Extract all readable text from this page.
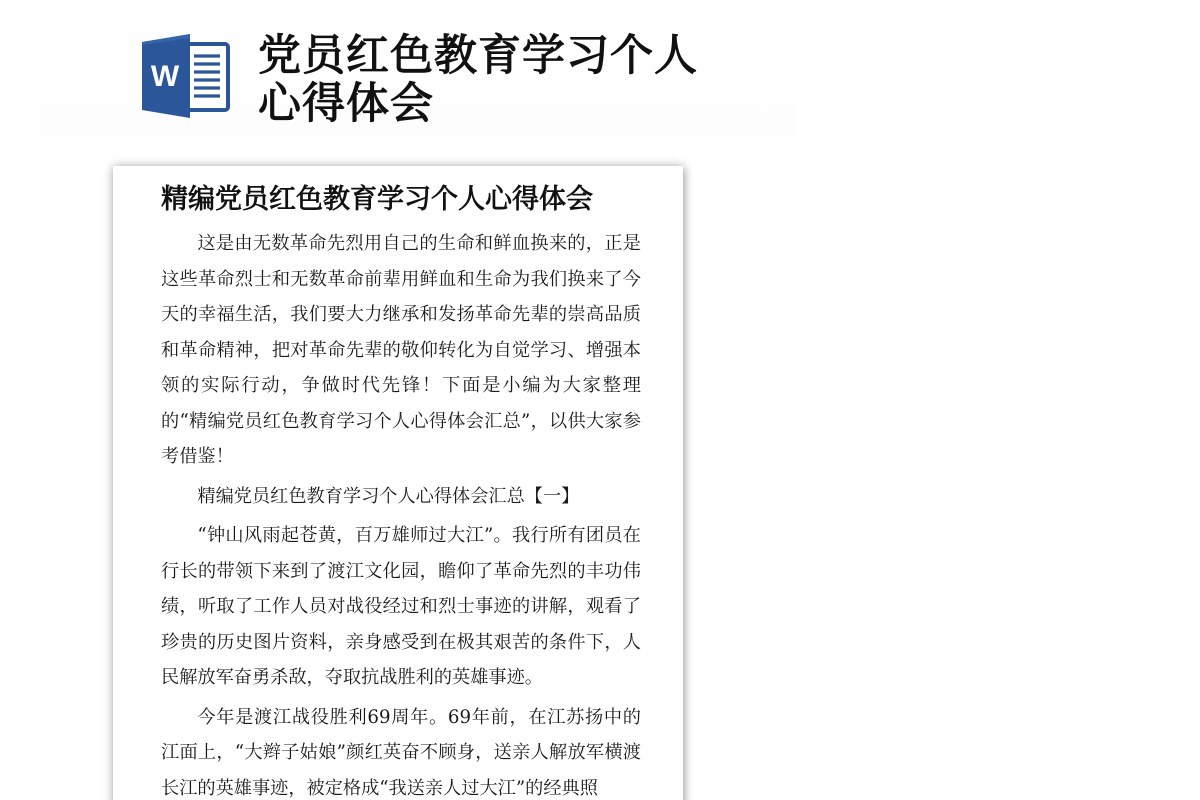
W 党员红色教育学习个人心得体会
精编党员红色教育学习个人心得体会

这是由无数革命先烈用自己的生命和鲜血换来的，正是这些革命烈士和无数革命前辈用鲜血和生命为我们换来了今天的幸福生活，我们要大力继承和发扬革命先辈的崇高品质和革命精神，把对革命先辈的敬仰转化为自觉学习、增强本领的实际行动，争做时代先锋！下面是小编为大家整理的“精编党员红色教育学习个人心得体会汇总”，以供大家参考借鉴！

精编党员红色教育学习个人心得体会汇总【一】

“钟山风雨起苍黄，百万雄师过大江”。我行所有团员在行长的带领下来到了渡江文化园，瞻仰了革命先烈的丰功伟绩，听取了工作人员对战役经过和烈士事迹的讲解，观看了珍贵的历史图片资料，亲身感受到在极其艰苦的条件下，人民解放军奋勇杀敌，夺取抗战胜利的英雄事迹。

今年是渡江战役胜利69周年。69年前，在江苏扬中的江面上，“大辫子姑娘”颜红英奋不顾身，送亲人解放军横渡长江的英雄事迹，被定格成“我送亲人过大江”的经典照
